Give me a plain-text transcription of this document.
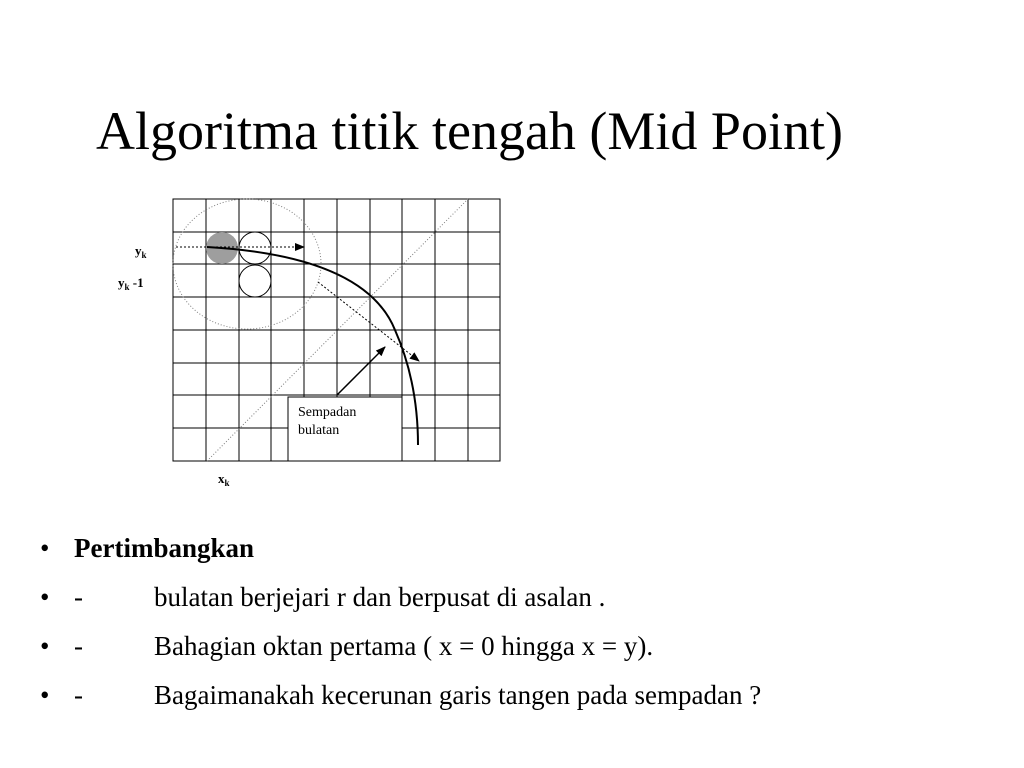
Algoritma titik tengah (Mid Point)
$y_k$
$y_k$ -1
$x_k$
Sempadan
bulatan
• Pertimbangkan
• -	bulatan berjejari r dan berpusat di asalan .
• -	Bahagian oktan pertama ( x = 0 hingga x = y).
• -	Bagaimanakah kecerunan garis tangen pada sempadan ?
